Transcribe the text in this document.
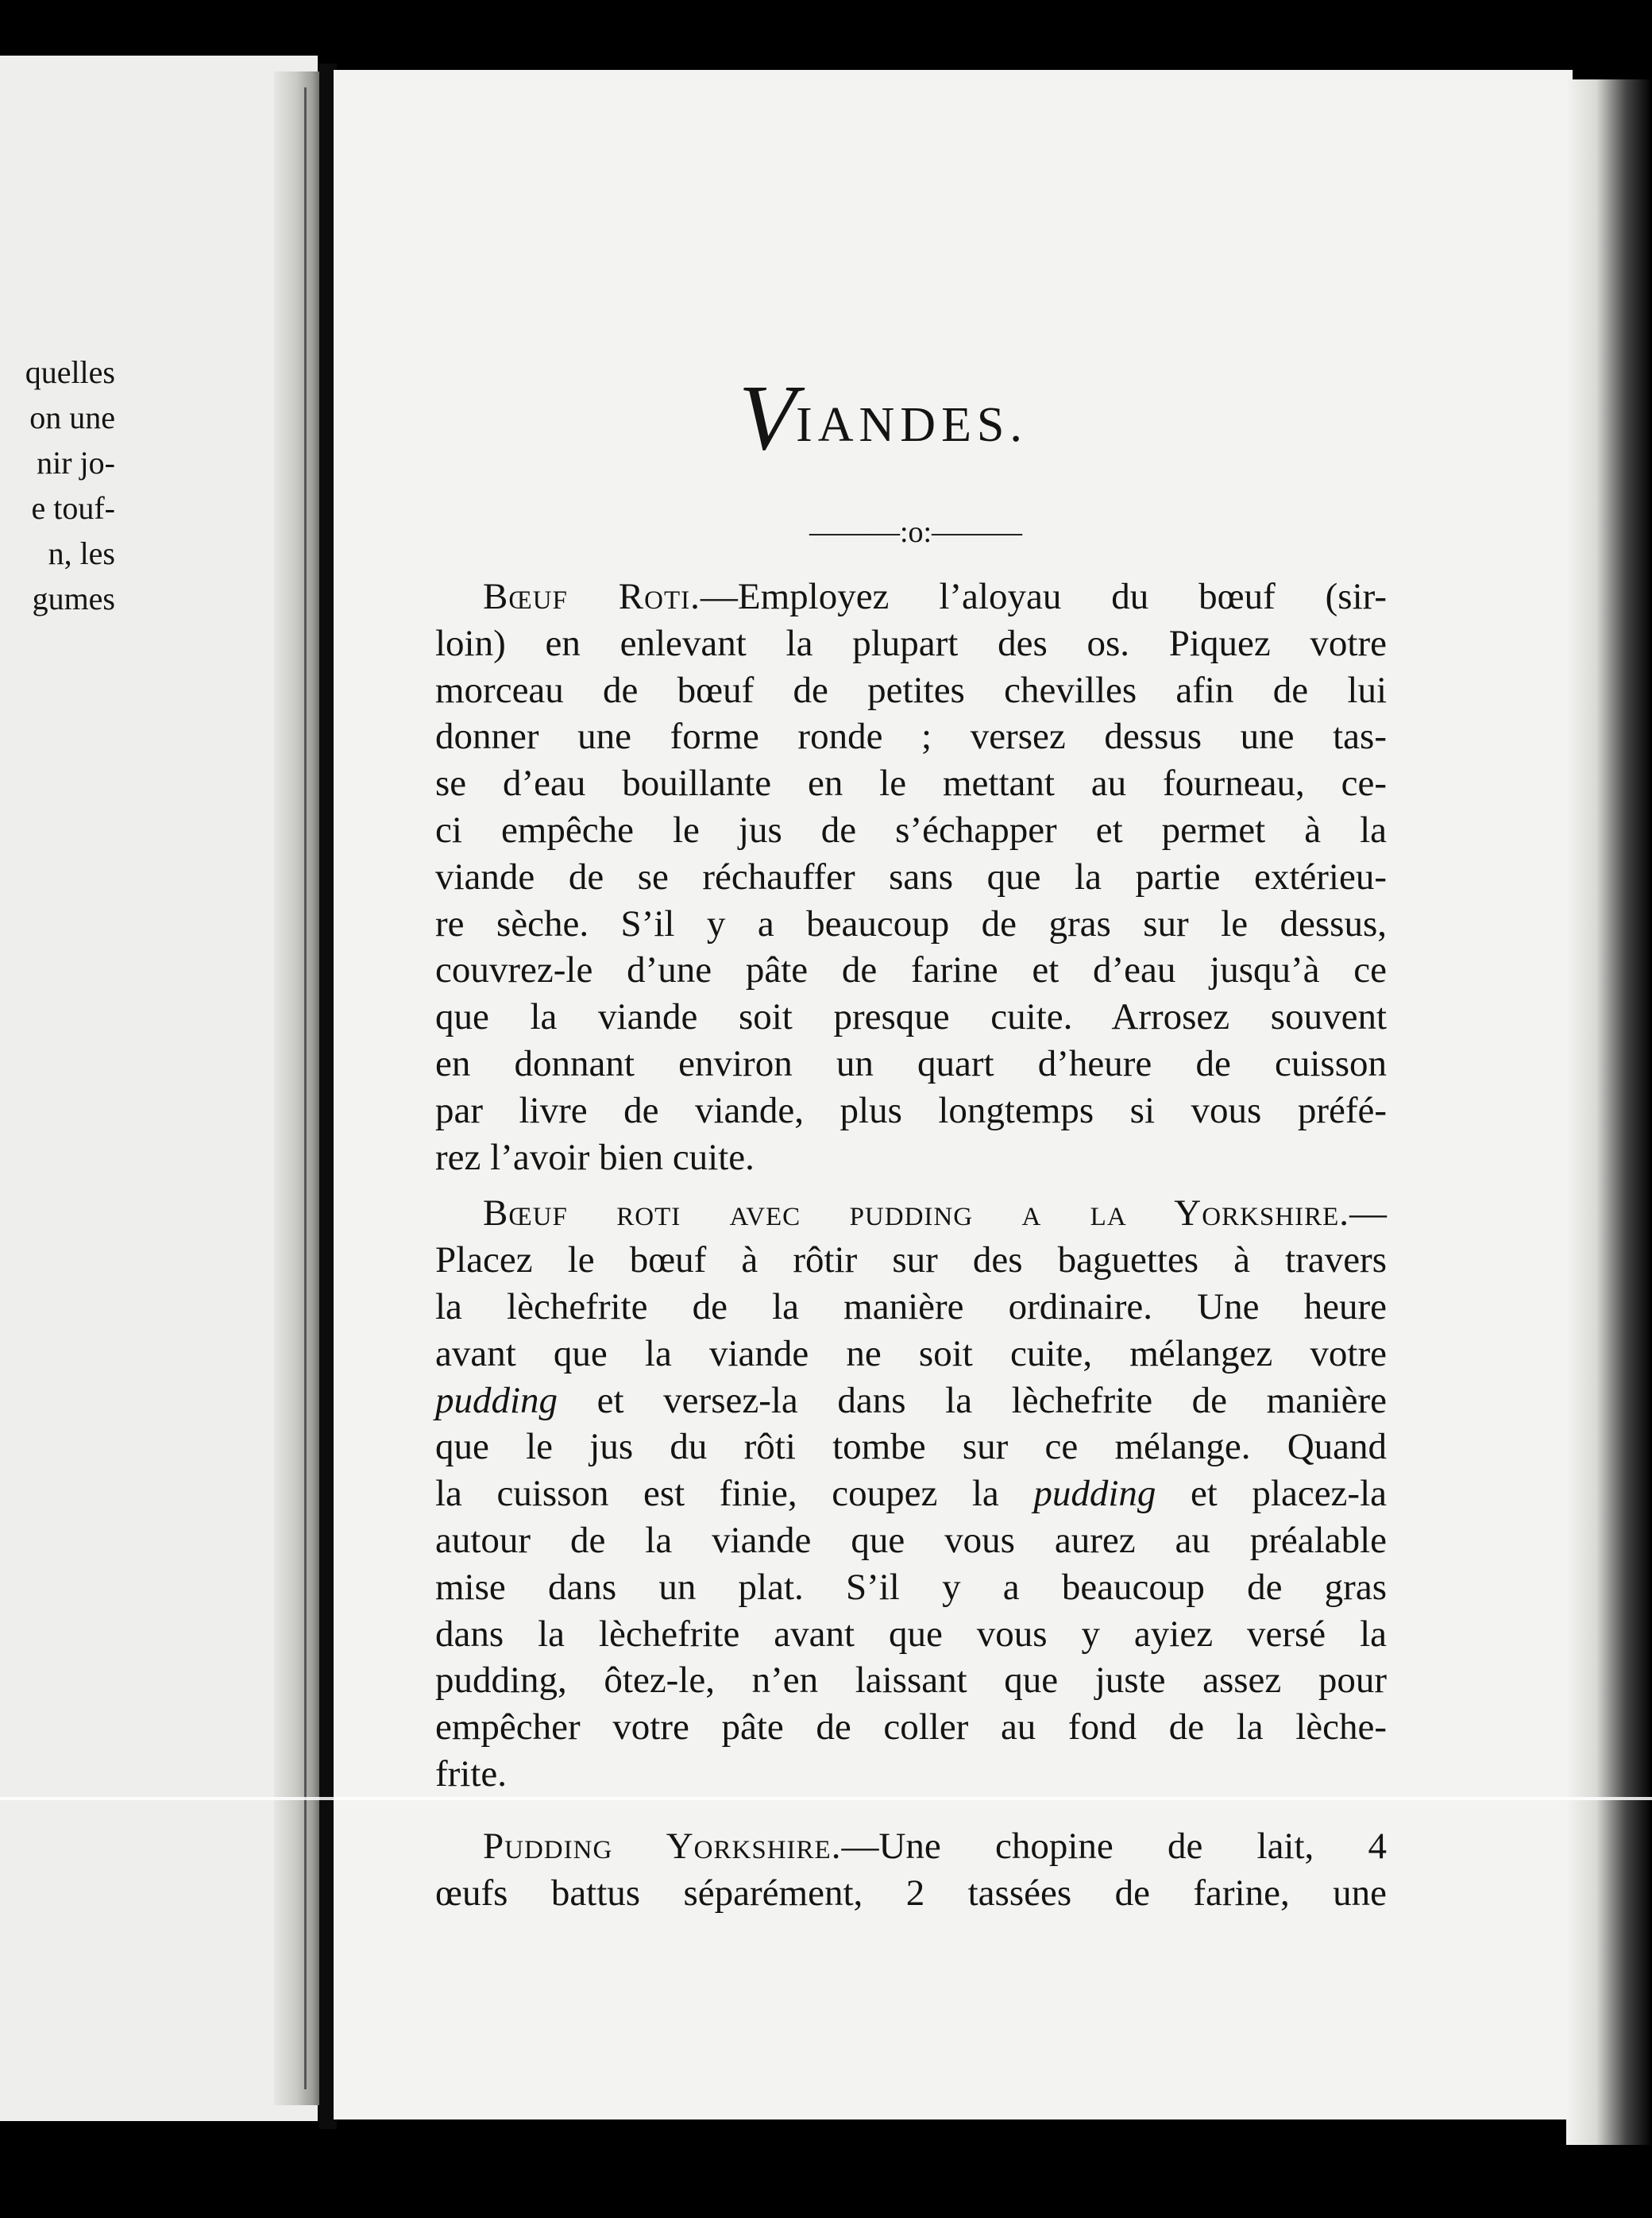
quelles
on une
nir jo-
e touf-
n, les
gumes
VIANDES.
———:o:———
Bœuf Roti.—Employez l’aloyau du bœuf (sir-
loin) en enlevant la plupart des os. Piquez votre
morceau de bœuf de petites chevilles afin de lui
donner une forme ronde ; versez dessus une tas-
se d’eau bouillante en le mettant au fourneau, ce-
ci empêche le jus de s’échapper et permet à la
viande de se réchauffer sans que la partie extérieu-
re sèche. S’il y a beaucoup de gras sur le dessus,
couvrez-le d’une pâte de farine et d’eau jusqu’à ce
que la viande soit presque cuite. Arrosez souvent
en donnant environ un quart d’heure de cuisson
par livre de viande, plus longtemps si vous préfé-
rez l’avoir bien cuite.
Bœuf roti avec pudding a la Yorkshire.—
Placez le bœuf à rôtir sur des baguettes à travers
la lèchefrite de la manière ordinaire. Une heure
avant que la viande ne soit cuite, mélangez votre
pudding et versez-la dans la lèchefrite de manière
que le jus du rôti tombe sur ce mélange. Quand
la cuisson est finie, coupez la pudding et placez-la
autour de la viande que vous aurez au préalable
mise dans un plat. S’il y a beaucoup de gras
dans la lèchefrite avant que vous y ayiez versé la
pudding, ôtez-le, n’en laissant que juste assez pour
empêcher votre pâte de coller au fond de la lèche-
frite.
Pudding Yorkshire.—Une chopine de lait, 4
œufs battus séparément, 2 tassées de farine, une
